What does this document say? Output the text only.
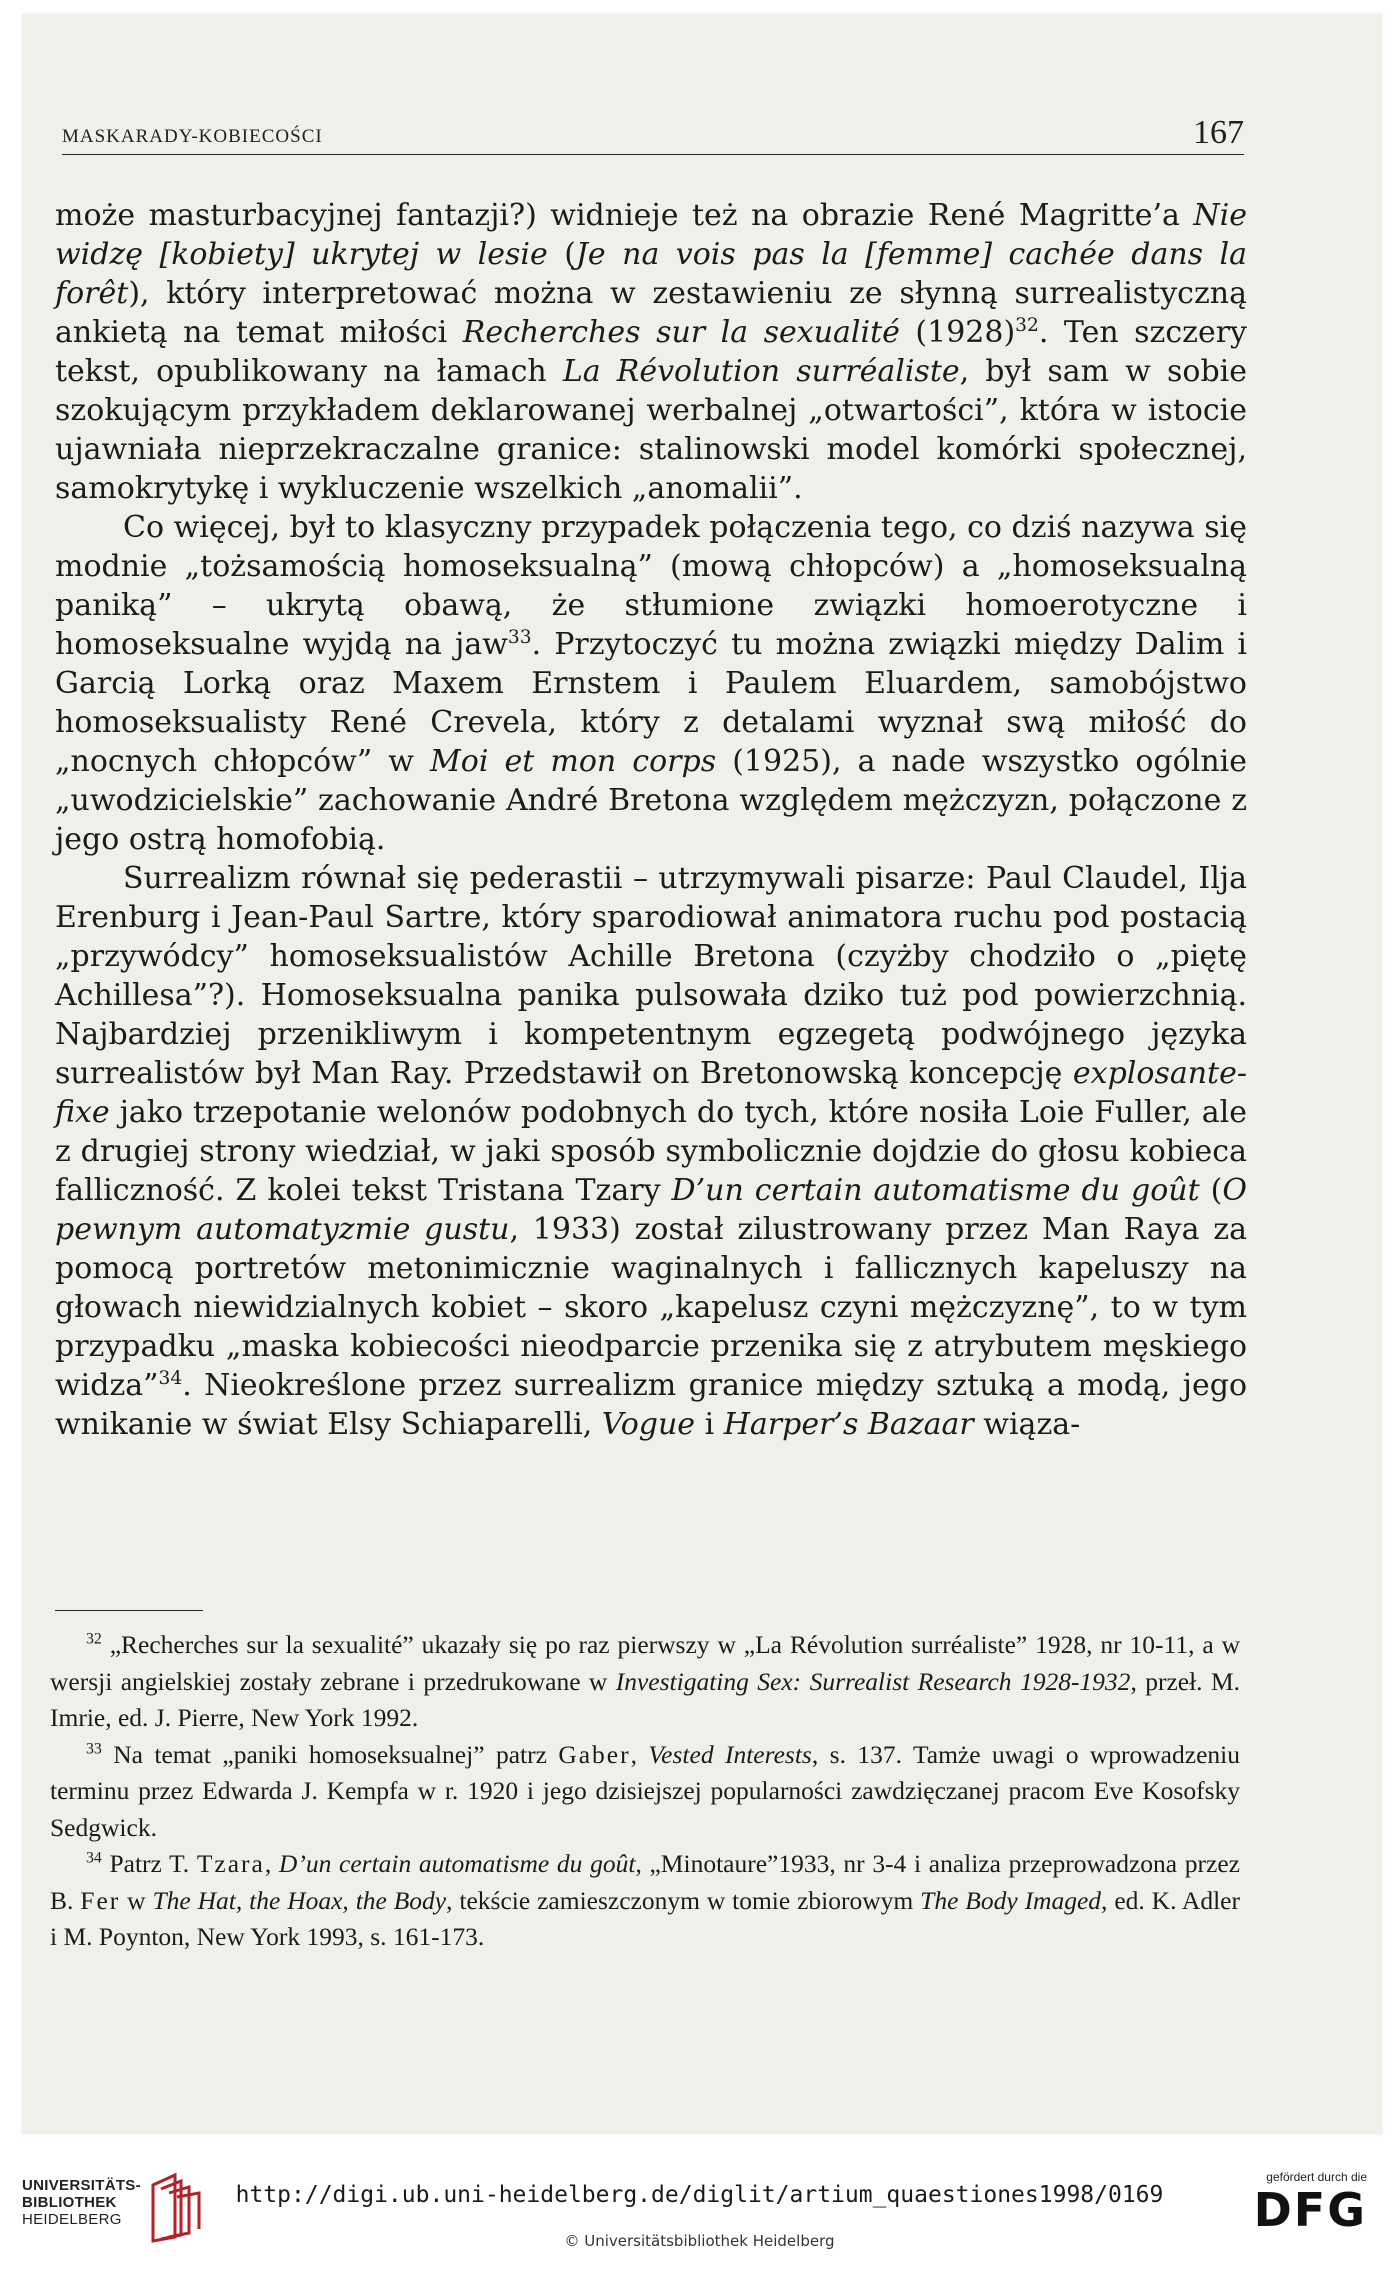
MASKARADY-KOBIECOŚCI	167

może masturbacyjnej fantazji?) widnieje też na obrazie René Magritte’a Nie widzę [kobiety] ukrytej w lesie (Je na vois pas la [femme] cachée dans la forêt), który interpretować można w zestawieniu ze słynną surrealistyczną ankietą na temat miłości Recherches sur la sexualité $(1928)^{32}$. Ten szczery tekst, opublikowany na łamach La Révolution surréaliste, był sam w sobie szokującym przykładem deklarowanej werbalnej „otwartości”, która w istocie ujawniała nieprzekraczalne granice: stalinowski model komórki społecznej, samokrytykę i wykluczenie wszelkich „anomalii”.

Co więcej, był to klasyczny przypadek połączenia tego, co dziś nazywa się modnie „tożsamością homoseksualną” (mową chłopców) a „homoseksualną paniką” – ukrytą obawą, że stłumione związki homoerotyczne i homoseksualne wyjdą na jaw$^{33}$. Przytoczyć tu można związki między Dalim i Garcią Lorką oraz Maxem Ernstem i Paulem Eluardem, samobójstwo homoseksualisty René Crevela, który z detalami wyznał swą miłość do „nocnych chłopców” w Moi et mon corps (1925), a nade wszystko ogólnie „uwodzicielskie” zachowanie André Bretona względem mężczyzn, połączone z jego ostrą homofobią.

Surrealizm równał się pederastii – utrzymywali pisarze: Paul Claudel, Ilja Erenburg i Jean-Paul Sartre, który sparodiował animatora ruchu pod postacią „przywódcy” homoseksualistów Achille Bretona (czyżby chodziło o „piętę Achillesa”?). Homoseksualna panika pulsowała dziko tuż pod powierzchnią. Najbardziej przenikliwym i kompetentnym egzegetą podwójnego języka surrealistów był Man Ray. Przedstawił on Bretonowską koncepcję explosante-fixe jako trzepotanie welonów podobnych do tych, które nosiła Loie Fuller, ale z drugiej strony wiedział, w jaki sposób symbolicznie dojdzie do głosu kobieca falliczność. Z kolei tekst Tristana Tzary D’un certain automatisme du goût (O pewnym automatyzmie gustu, 1933) został zilustrowany przez Man Raya za pomocą portretów metonimicznie waginalnych i fallicznych kapeluszy na głowach niewidzialnych kobiet – skoro „kapelusz czyni mężczyznę”, to w tym przypadku „maska kobiecości nieodparcie przenika się z atrybutem męskiego widza”$^{34}$. Nieokreślone przez surrealizm granice między sztuką a modą, jego wnikanie w świat Elsy Schiaparelli, Vogue i Harper’s Bazaar wiąza-

$^{32}$ „Recherches sur la sexualité” ukazały się po raz pierwszy w „La Révolution surréaliste” 1928, nr 10-11, a w wersji angielskiej zostały zebrane i przedrukowane w Investigating Sex: Surrealist Research 1928-1932, przeł. M. Imrie, ed. J. Pierre, New York 1992.

$^{33}$ Na temat „paniki homoseksualnej” patrz Gaber, Vested Interests, s. 137. Tamże uwagi o wprowadzeniu terminu przez Edwarda J. Kempfa w r. 1920 i jego dzisiejszej popularności zawdzięczanej pracom Eve Kosofsky Sedgwick.

$^{34}$ Patrz T. Tzara, D’un certain automatisme du goût, „Minotaure”1933, nr 3-4 i analiza przeprowadzona przez B. Fer w The Hat, the Hoax, the Body, tekście zamieszczonym w tomie zbiorowym The Body Imaged, ed. K. Adler i M. Poynton, New York 1993, s. 161-173.

UNIVERSITÄTS-
BIBLIOTHEK
HEIDELBERG
http://digi.ub.uni-heidelberg.de/diglit/artium_quaestiones1998/0169
© Universitätsbibliothek Heidelberg
gefördert durch die
DFG
